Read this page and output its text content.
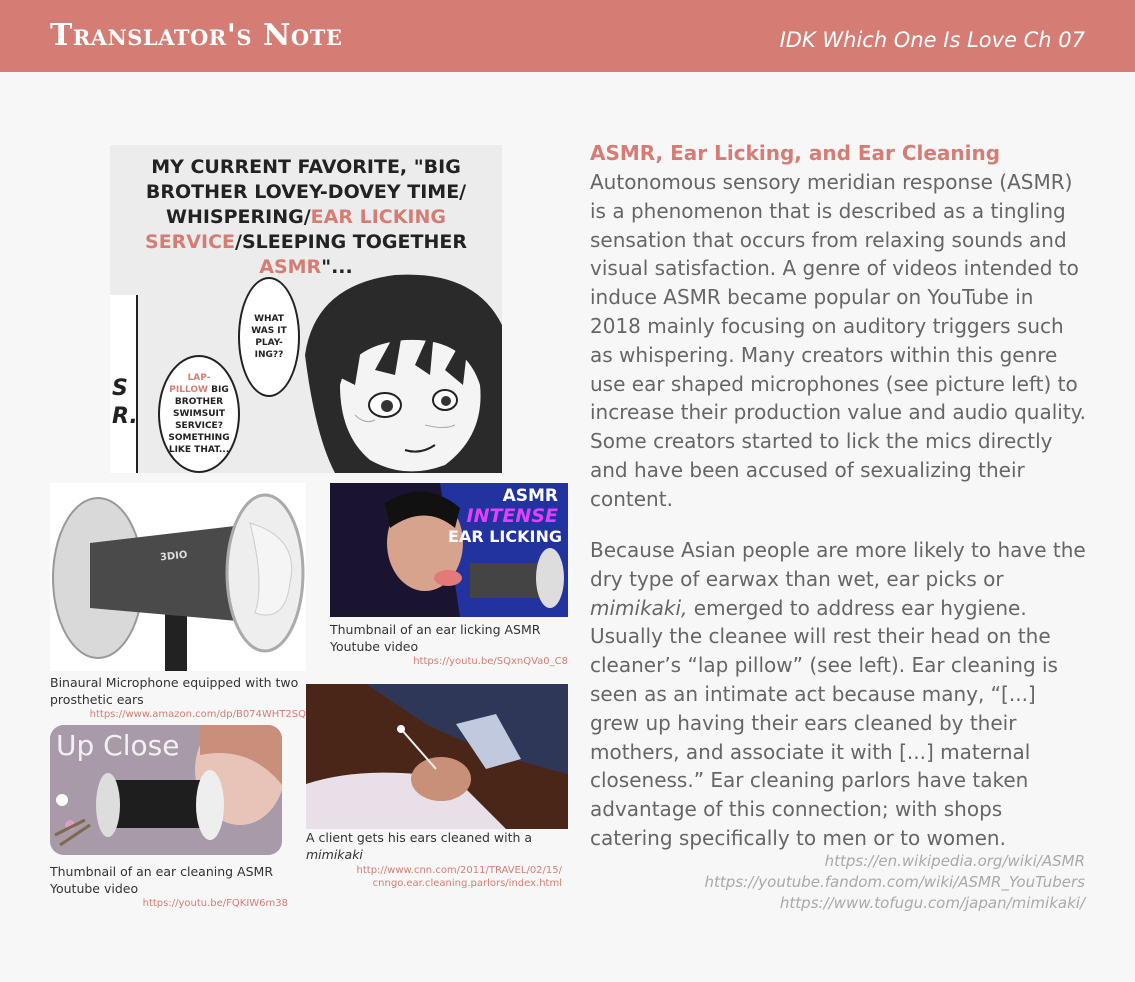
Translator's Note	IDK Which One Is Love Ch 07
MY CURRENT FAVORITE, "BIG
BROTHER LOVEY-DOVEY TIME/
WHISPERING/EAR LICKING
SERVICE/SLEEPING TOGETHER
ASMR"...
S R.
WHAT WAS IT PLAY-ING??
LAP-PILLOW BIG BROTHER SWIMSUIT SERVICE? SOMETHING LIKE THAT...
3DIO
Binaural Microphone equipped with two prosthetic ears
https://www.amazon.com/dp/B074WHT2SQ
ASMR
INTENSE
EAR LICKING
Thumbnail of an ear licking ASMR Youtube video
https://youtu.be/SQxnQVa0_C8
Up Close
Thumbnail of an ear cleaning ASMR Youtube video
https://youtu.be/FQKIW6m38
A client gets his ears cleaned with a
mimikaki
http://www.cnn.com/2011/TRAVEL/02/15/
cnngo.ear.cleaning.parlors/index.html
ASMR, Ear Licking, and Ear Cleaning
Autonomous sensory meridian response (ASMR) is a phenomenon that is described as a tingling sensation that occurs from relaxing sounds and visual satisfaction. A genre of videos intended to induce ASMR became popular on YouTube in 2018 mainly focusing on auditory triggers such as whispering. Many creators within this genre use ear shaped microphones (see picture left) to increase their production value and audio quality. Some creators started to lick the mics directly and have been accused of sexualizing their content.
Because Asian people are more likely to have the dry type of earwax than wet, ear picks or mimikaki, emerged to address ear hygiene. Usually the cleanee will rest their head on the cleaner’s “lap pillow” (see left). Ear cleaning is seen as an intimate act because many, “[...] grew up having their ears cleaned by their mothers, and associate it with [...] maternal closeness.” Ear cleaning parlors have taken advantage of this connection; with shops catering specifically to men or to women.
https://en.wikipedia.org/wiki/ASMR
https://youtube.fandom.com/wiki/ASMR_YouTubers
https://www.tofugu.com/japan/mimikaki/
